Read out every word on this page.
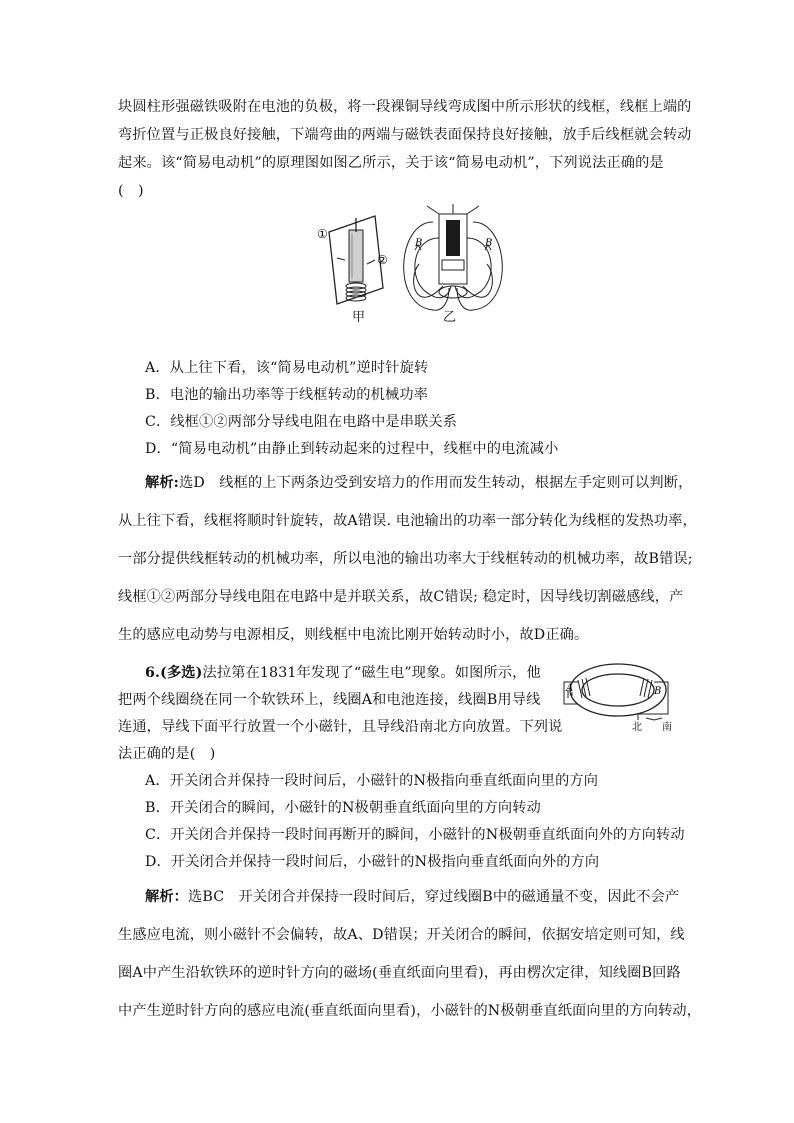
块圆柱形强磁铁吸附在电池的负极，将一段裸铜导线弯成图中所示形状的线框，线框上端的
弯折位置与正极良好接触，下端弯曲的两端与磁铁表面保持良好接触，放手后线框就会转动
起来。该“简易电动机”的原理图如图乙所示，关于该“简易电动机”，下列说法正确的是
(　)
①
②
B	B
甲	乙
A．从上往下看，该“简易电动机”逆时针旋转
B．电池的输出功率等于线框转动的机械功率
C．线框①②两部分导线电阻在电路中是串联关系
D．“简易电动机”由静止到转动起来的过程中，线框中的电流减小
解析:选D　线框的上下两条边受到安培力的作用而发生转动，根据左手定则可以判断，
从上往下看，线框将顺时针旋转，故A错误. 电池输出的功率一部分转化为线框的发热功率，
一部分提供线框转动的机械功率，所以电池的输出功率大于线框转动的机械功率，故B错误;
线框①②两部分导线电阻在电路中是并联关系，故C错误; 稳定时，因导线切割磁感线，产
生的感应电动势与电源相反，则线框中电流比刚开始转动时小，故D正确。
6.(多选)法拉第在1831年发现了“磁生电”现象。如图所示，他
把两个线圈绕在同一个软铁环上，线圈A和电池连接，线圈B用导线
连通，导线下面平行放置一个小磁针，且导线沿南北方向放置。下列说
法正确的是(　)
A	B
北 南
A．开关闭合并保持一段时间后，小磁针的N极指向垂直纸面向里的方向
B．开关闭合的瞬间，小磁针的N极朝垂直纸面向里的方向转动
C．开关闭合并保持一段时间再断开的瞬间，小磁针的N极朝垂直纸面向外的方向转动
D．开关闭合并保持一段时间后，小磁针的N极指向垂直纸面向外的方向
解析：选BC　开关闭合并保持一段时间后，穿过线圈B中的磁通量不变，因此不会产
生感应电流，则小磁针不会偏转，故A、D错误；开关闭合的瞬间，依据安培定则可知，线
圈A中产生沿软铁环的逆时针方向的磁场(垂直纸面向里看)，再由楞次定律，知线圈B回路
中产生逆时针方向的感应电流(垂直纸面向里看)，小磁针的N极朝垂直纸面向里的方向转动，
